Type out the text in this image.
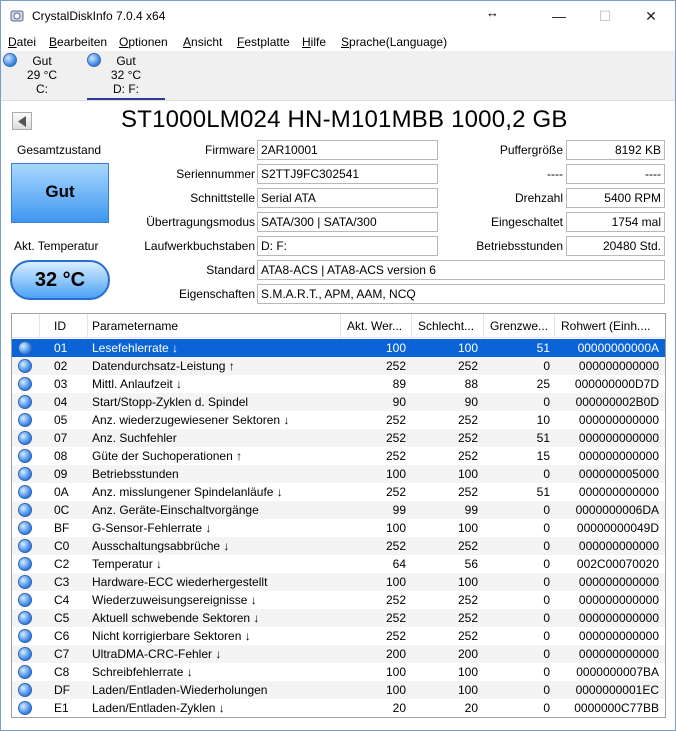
CrystalDiskInfo 7.0.4 x64	↔	—	☐	✕
Datei Bearbeiten Optionen Ansicht Festplatte Hilfe Sprache(Language)
Gut
29 °C
C:
Gut
32 °C
D: F:
ST1000LM024 HN-M101MBB 1000,2 GB
Gesamtzustand
Gut
Akt. Temperatur
32 °C
Firmware 2AR10001
Seriennummer S2TTJ9FC302541
Schnittstelle Serial ATA
Übertragungsmodus SATA/300 | SATA/300
Laufwerkbuchstaben D: F:
Standard ATA8-ACS | ATA8-ACS version 6
Eigenschaften S.M.A.R.T., APM, AAM, NCQ
Puffergröße	8192 KB
----	----
Drehzahl	5400 RPM
Eingeschaltet	1754 mal
Betriebsstunden	20480 Std.
ID	Parametername	Akt. Wer...	Schlecht...	Grenzwe...	Rohwert (Einh....
01	Lesefehlerrate ↓	100	100	51	00000000000A
02	Datendurchsatz-Leistung ↑	252	252	0	000000000000
03	Mittl. Anlaufzeit ↓	89	88	25	000000000D7D
04	Start/Stopp-Zyklen d. Spindel	90	90	0	000000002B0D
05	Anz. wiederzugewiesener Sektoren ↓	252	252	10	000000000000
07	Anz. Suchfehler	252	252	51	000000000000
08	Güte der Suchoperationen ↑	252	252	15	000000000000
09	Betriebsstunden	100	100	0	000000005000
0A	Anz. misslungener Spindelanläufe ↓	252	252	51	000000000000
0C	Anz. Geräte-Einschaltvorgänge	99	99	0	0000000006DA
BF	G-Sensor-Fehlerrate ↓	100	100	0	00000000049D
C0	Ausschaltungsabbrüche ↓	252	252	0	000000000000
C2	Temperatur ↓	64	56	0	002C00070020
C3	Hardware-ECC wiederhergestellt	100	100	0	000000000000
C4	Wiederzuweisungsereignisse ↓	252	252	0	000000000000
C5	Aktuell schwebende Sektoren ↓	252	252	0	000000000000
C6	Nicht korrigierbare Sektoren ↓	252	252	0	000000000000
C7	UltraDMA-CRC-Fehler ↓	200	200	0	000000000000
C8	Schreibfehlerrate ↓	100	100	0	0000000007BA
DF	Laden/Entladen-Wiederholungen	100	100	0	0000000001EC
E1	Laden/Entladen-Zyklen ↓	20	20	0	0000000C77BB
